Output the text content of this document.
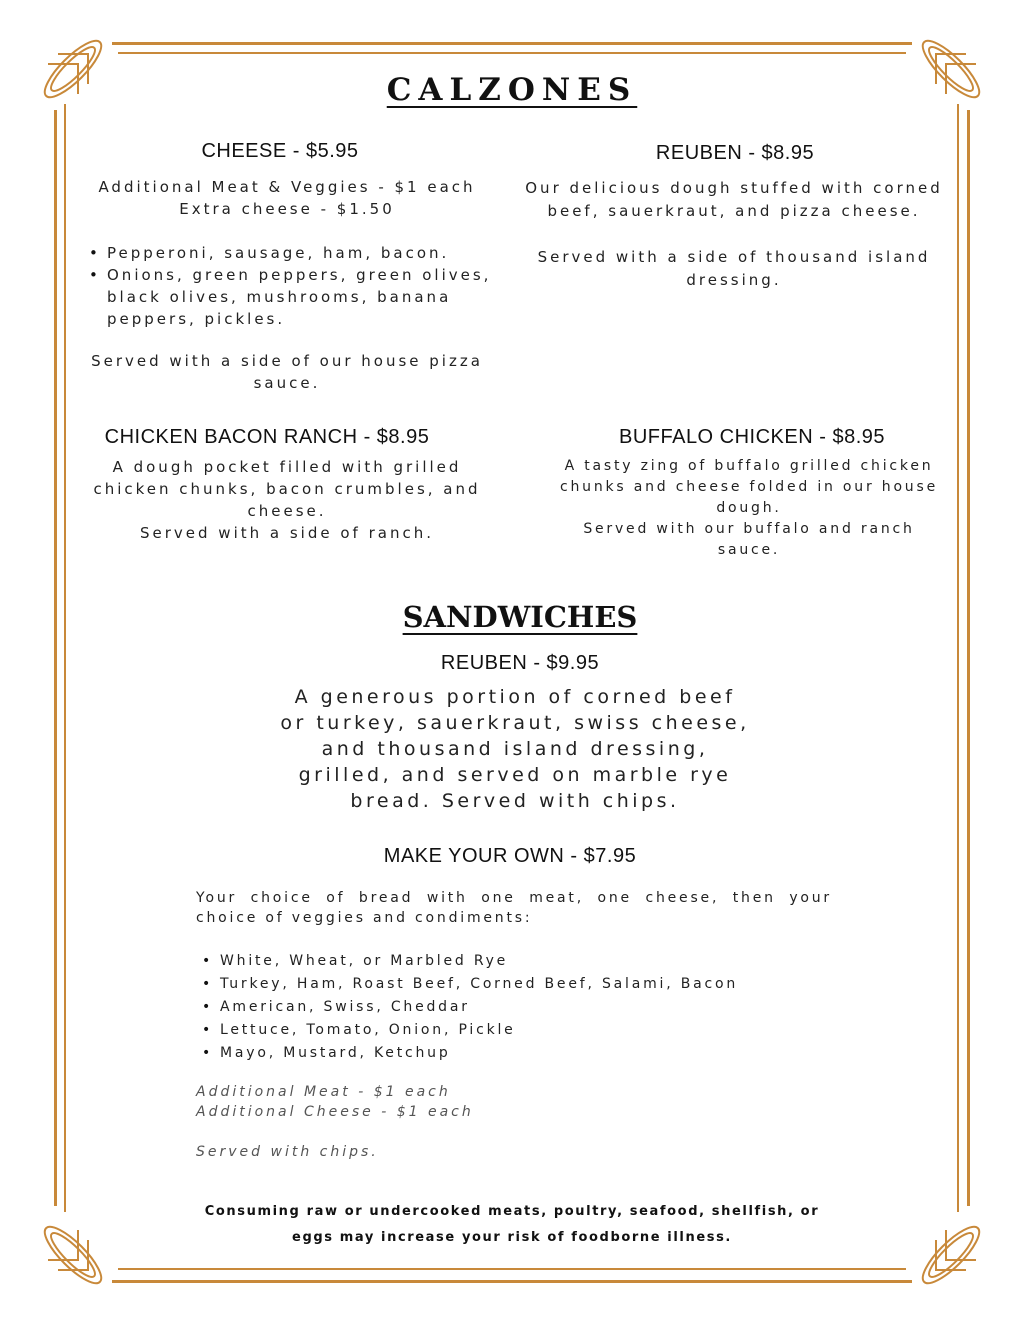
CALZONES
CHEESE - $5.95
Additional Meat & Veggies - $1 each
Extra cheese - $1.50
• Pepperoni, sausage, ham, bacon.
• Onions, green peppers, green olives, black olives, mushrooms, banana peppers, pickles.
Served with a side of our house pizza sauce.
REUBEN - $8.95
Our delicious dough stuffed with corned beef, sauerkraut, and pizza cheese.
Served with a side of thousand island dressing.
CHICKEN BACON RANCH - $8.95
A dough pocket filled with grilled chicken chunks, bacon crumbles, and cheese.
Served with a side of ranch.
BUFFALO CHICKEN - $8.95
A tasty zing of buffalo grilled chicken chunks and cheese folded in our house dough.
Served with our buffalo and ranch sauce.
SANDWICHES
REUBEN - $9.95
A generous portion of corned beef or turkey, sauerkraut, swiss cheese, and thousand island dressing, grilled, and served on marble rye bread. Served with chips.
MAKE YOUR OWN - $7.95
Your choice of bread with one meat, one cheese, then your choice of veggies and condiments:
• White, Wheat, or Marbled Rye
• Turkey, Ham, Roast Beef, Corned Beef, Salami, Bacon
• American, Swiss, Cheddar
• Lettuce, Tomato, Onion, Pickle
• Mayo, Mustard, Ketchup
Additional Meat - $1 each
Additional Cheese - $1 each
Served with chips.
Consuming raw or undercooked meats, poultry, seafood, shellfish, or
eggs may increase your risk of foodborne illness.
